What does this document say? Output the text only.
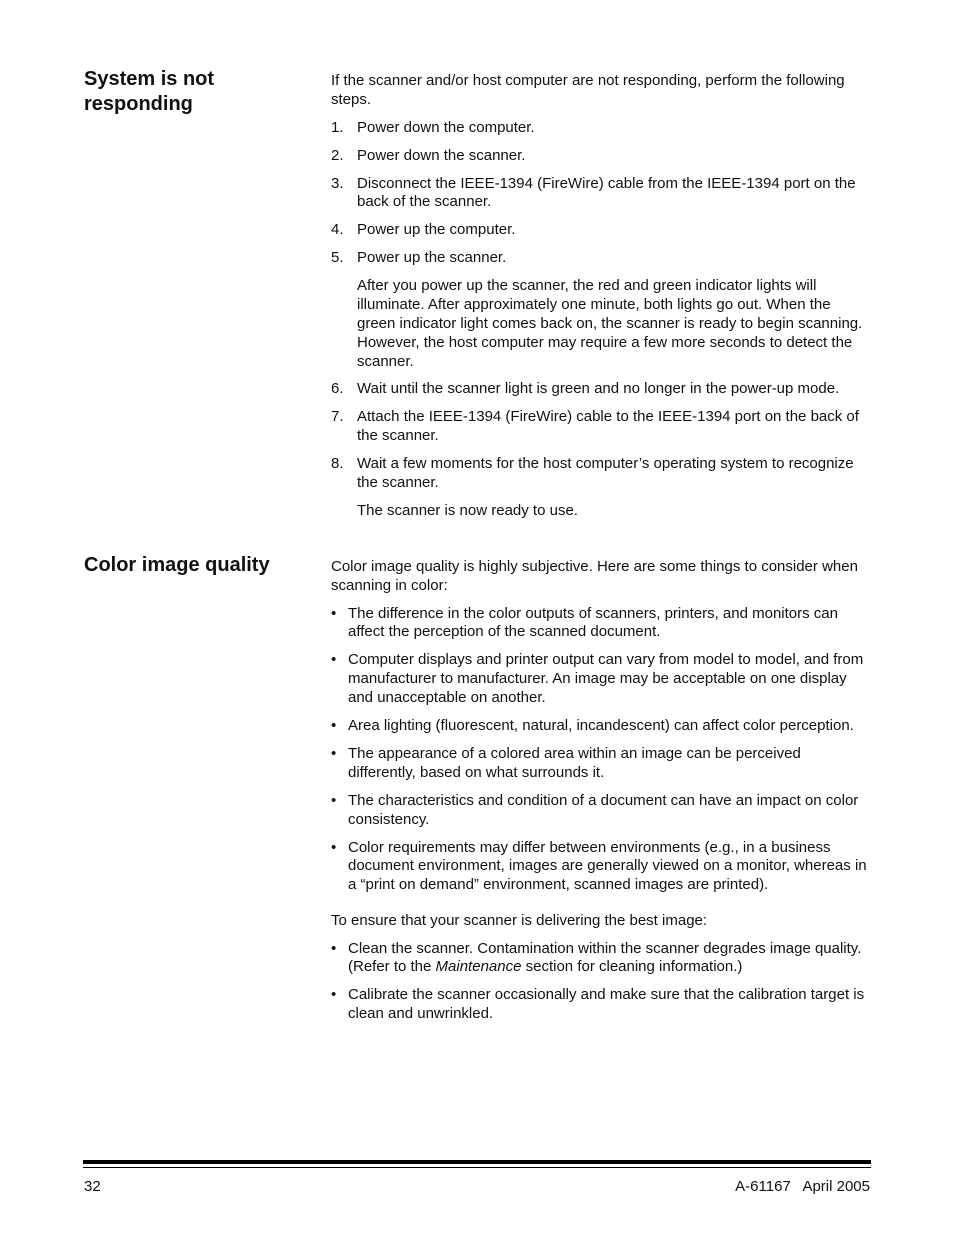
System is not responding

If the scanner and/or host computer are not responding, perform the following steps.

1. Power down the computer.
2. Power down the scanner.
3. Disconnect the IEEE-1394 (FireWire) cable from the IEEE-1394 port on the back of the scanner.
4. Power up the computer.
5. Power up the scanner.
After you power up the scanner, the red and green indicator lights will illuminate. After approximately one minute, both lights go out. When the green indicator light comes back on, the scanner is ready to begin scanning. However, the host computer may require a few more seconds to detect the scanner.
6. Wait until the scanner light is green and no longer in the power-up mode.
7. Attach the IEEE-1394 (FireWire) cable to the IEEE-1394 port on the back of the scanner.
8. Wait a few moments for the host computer’s operating system to recognize the scanner.
The scanner is now ready to use.
Color image quality	Color image quality is highly subjective. Here are some things to consider when scanning in color:

• The difference in the color outputs of scanners, printers, and monitors can affect the perception of the scanned document.
• Computer displays and printer output can vary from model to model, and from manufacturer to manufacturer. An image may be acceptable on one display and unacceptable on another.
• Area lighting (fluorescent, natural, incandescent) can affect color perception.
• The appearance of a colored area within an image can be perceived differently, based on what surrounds it.
• The characteristics and condition of a document can have an impact on color consistency.
• Color requirements may differ between environments (e.g., in a business document environment, images are generally viewed on a monitor, whereas in a “print on demand” environment, scanned images are printed).

To ensure that your scanner is delivering the best image:

• Clean the scanner. Contamination within the scanner degrades image quality. (Refer to the Maintenance section for cleaning information.)
• Calibrate the scanner occasionally and make sure that the calibration target is clean and unwrinkled.
32	A-61167   April 2005
